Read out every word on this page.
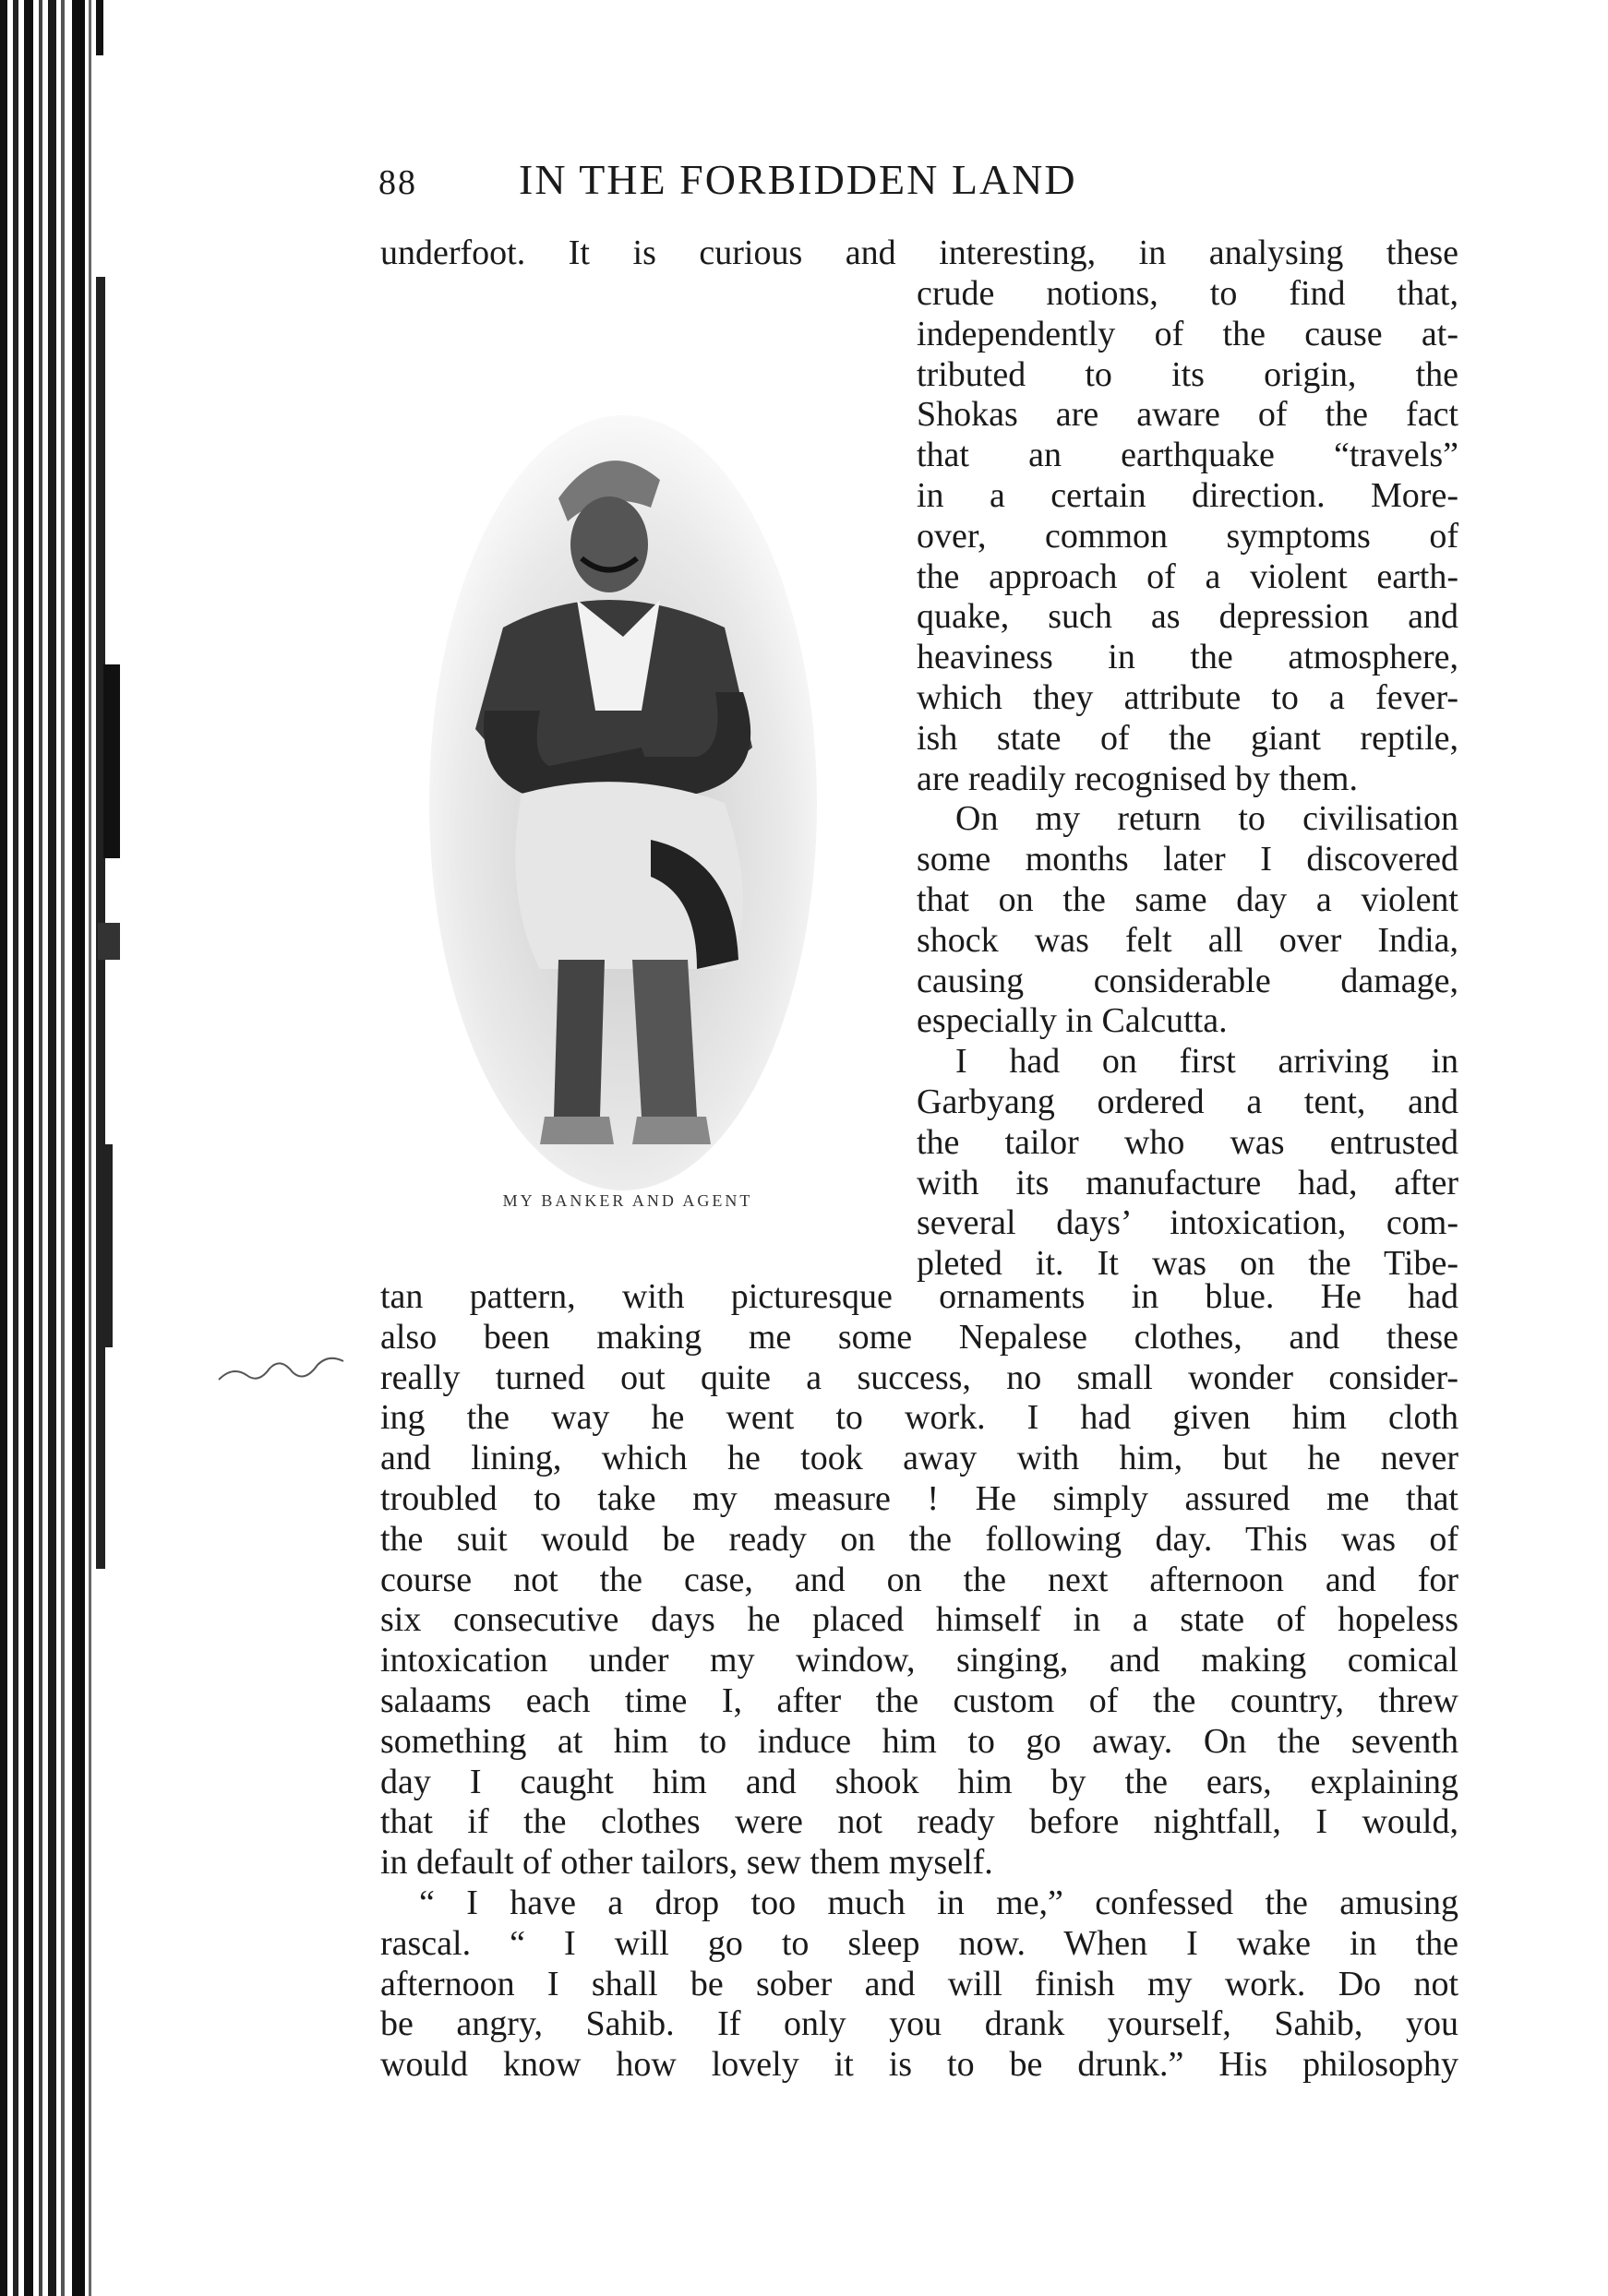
88 IN THE FORBIDDEN LAND
underfoot. It is curious and interesting, in analysing these
MY BANKER AND AGENT
crude notions, to find that,
independently of the cause at-
tributed to its origin, the
Shokas are aware of the fact
that an earthquake “travels”
in a certain direction. More-
over, common symptoms of
the approach of a violent earth-
quake, such as depression and
heaviness in the atmosphere,
which they attribute to a fever-
ish state of the giant reptile,
are readily recognised by them.
On my return to civilisation
some months later I discovered
that on the same day a violent
shock was felt all over India,
causing considerable damage,
especially in Calcutta.
I had on first arriving in
Garbyang ordered a tent, and
the tailor who was entrusted
with its manufacture had, after
several days’ intoxication, com-
pleted it. It was on the Tibe-
tan pattern, with picturesque ornaments in blue. He had
also been making me some Nepalese clothes, and these
really turned out quite a success, no small wonder consider-
ing the way he went to work. I had given him cloth
and lining, which he took away with him, but he never
troubled to take my measure ! He simply assured me that
the suit would be ready on the following day. This was of
course not the case, and on the next afternoon and for
six consecutive days he placed himself in a state of hopeless
intoxication under my window, singing, and making comical
salaams each time I, after the custom of the country, threw
something at him to induce him to go away. On the seventh
day I caught him and shook him by the ears, explaining
that if the clothes were not ready before nightfall, I would,
in default of other tailors, sew them myself.
“ I have a drop too much in me,” confessed the amusing
rascal. “ I will go to sleep now. When I wake in the
afternoon I shall be sober and will finish my work. Do not
be angry, Sahib. If only you drank yourself, Sahib, you
would know how lovely it is to be drunk.” His philosophy
